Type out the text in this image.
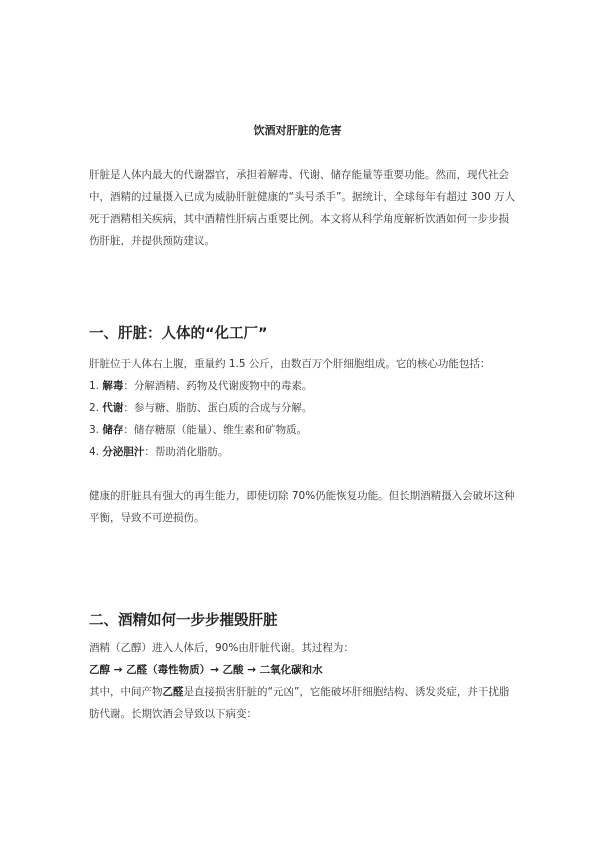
饮酒对肝脏的危害

肝脏是人体内最大的代谢器官，承担着解毒、代谢、储存能量等重要功能。然而，现代社会中，酒精的过量摄入已成为威胁肝脏健康的“头号杀手”。据统计，全球每年有超过 300 万人死于酒精相关疾病，其中酒精性肝病占重要比例。本文将从科学角度解析饮酒如何一步步损伤肝脏，并提供预防建议。

一、肝脏：人体的“化工厂”

肝脏位于人体右上腹，重量约 1.5 公斤，由数百万个肝细胞组成。它的核心功能包括：

1. 解毒：分解酒精、药物及代谢废物中的毒素。

2. 代谢：参与糖、脂肪、蛋白质的合成与分解。

3. 储存：储存糖原（能量）、维生素和矿物质。

4. 分泌胆汁：帮助消化脂肪。

健康的肝脏具有强大的再生能力，即使切除 70%仍能恢复功能。但长期酒精摄入会破坏这种平衡，导致不可逆损伤。

二、酒精如何一步步摧毁肝脏

酒精（乙醇）进入人体后，90%由肝脏代谢。其过程为：

乙醇 → 乙醛（毒性物质）→ 乙酸 → 二氧化碳和水

其中，中间产物乙醛是直接损害肝脏的“元凶”，它能破坏肝细胞结构、诱发炎症，并干扰脂肪代谢。长期饮酒会导致以下病变：
